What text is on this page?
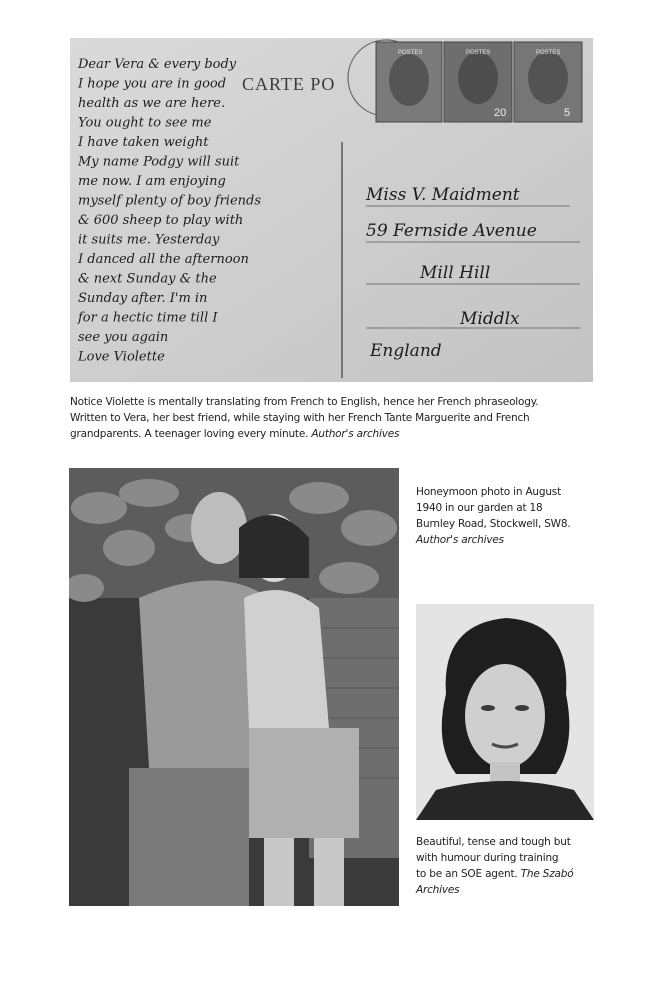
POSTES	POSTES	POSTES
20	5
CARTE PO
Dear Vera & every body
I hope you are in good
health as we are here.
You ought to see me
I have taken weight
My name Podgy will suit
me now. I am enjoying
myself plenty of boy friends
& 600 sheep to play with
it suits me. Yesterday
I danced all the afternoon
& next Sunday & the
Sunday after. I'm in
for a hectic time till I
see you again
Love Violette
Miss V. Maidment
59 Fernside Avenue
Mill Hill
Middlx
England
Notice Violette is mentally translating from French to English, hence her French phraseology.
Written to Vera, her best friend, while staying with her French Tante Marguerite and French
grandparents. A teenager loving every minute. Author's archives
Honeymoon photo in August
1940 in our garden at 18
Burnley Road, Stockwell, SW8.
Author's archives
Beautiful, tense and tough but
with humour during training
to be an SOE agent. The Szabó
Archives
